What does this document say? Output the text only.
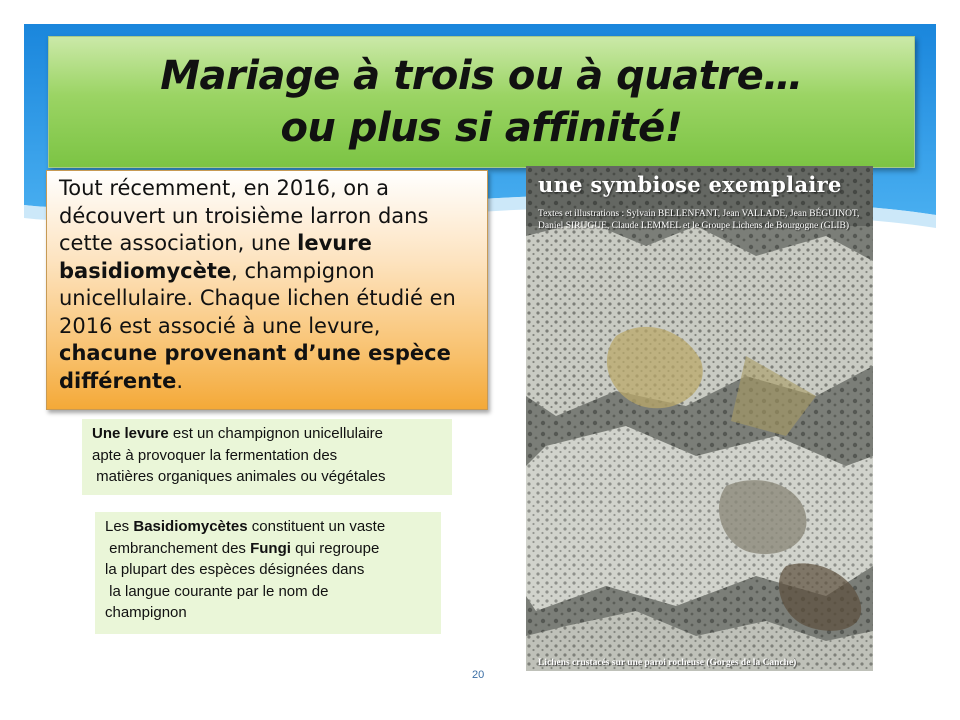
Mariage à trois ou à quatre…
ou plus si affinité!

Tout récemment, en 2016, on a découvert un troisième larron dans cette association, une levure basidiomycète, champignon unicellulaire. Chaque lichen étudié en 2016 est associé à une levure, chacune provenant d’une espèce différente.

Une levure est un champignon unicellulaire
apte à provoquer la fermentation des
matières organiques animales ou végétales
Les Basidiomycètes constituent un vaste
embranchement des Fungi qui regroupe
la plupart des espèces désignées dans
la langue courante par le nom de
champignon
une symbiose exemplaire
Textes et illustrations : Sylvain BELLENFANT, Jean VALLADE, Jean BÉGUINOT, Daniel SIRUGUE, Claude LEMMEL et le Groupe Lichens de Bourgogne (GLIB)
Lichens crustacés sur une paroi rocheuse (Gorges de la Canche)
20
